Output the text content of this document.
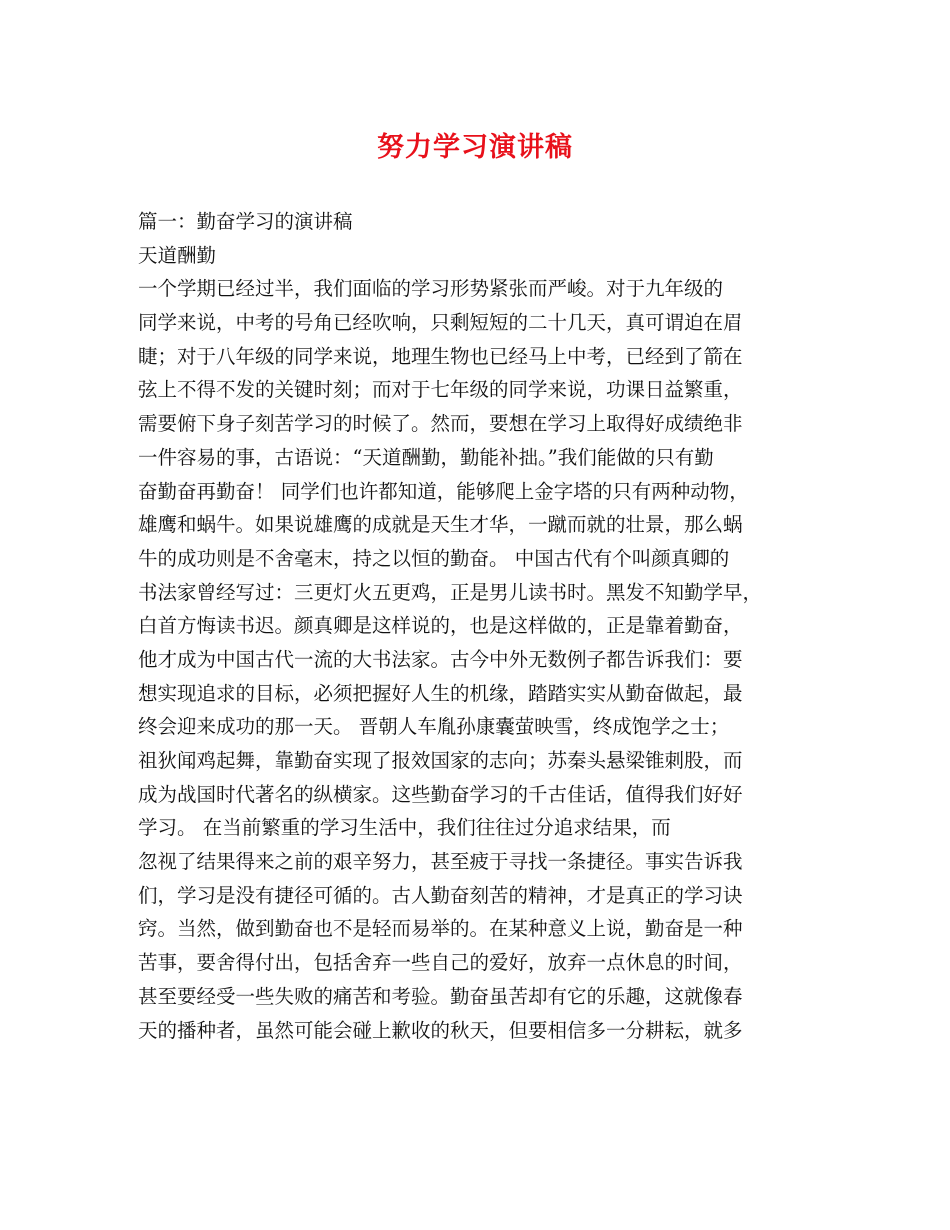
努力学习演讲稿
篇一：勤奋学习的演讲稿
天道酬勤
一个学期已经过半，我们面临的学习形势紧张而严峻。对于九年级的
同学来说，中考的号角已经吹响，只剩短短的二十几天，真可谓迫在眉
睫；对于八年级的同学来说，地理生物也已经马上中考，已经到了箭在
弦上不得不发的关键时刻；而对于七年级的同学来说，功课日益繁重，
需要俯下身子刻苦学习的时候了。然而，要想在学习上取得好成绩绝非
一件容易的事，古语说：“天道酬勤，勤能补拙。”我们能做的只有勤
奋勤奋再勤奋！ 同学们也许都知道，能够爬上金字塔的只有两种动物，
雄鹰和蜗牛。如果说雄鹰的成就是天生才华，一蹴而就的壮景，那么蜗
牛的成功则是不舍毫末，持之以恒的勤奋。 中国古代有个叫颜真卿的
书法家曾经写过：三更灯火五更鸡，正是男儿读书时。黑发不知勤学早，
白首方悔读书迟。颜真卿是这样说的，也是这样做的，正是靠着勤奋，
他才成为中国古代一流的大书法家。古今中外无数例子都告诉我们：要
想实现追求的目标，必须把握好人生的机缘，踏踏实实从勤奋做起，最
终会迎来成功的那一天。 晋朝人车胤孙康囊萤映雪，终成饱学之士；
祖狄闻鸡起舞，靠勤奋实现了报效国家的志向；苏秦头悬梁锥刺股，而
成为战国时代著名的纵横家。这些勤奋学习的千古佳话，值得我们好好
学习。 在当前繁重的学习生活中，我们往往过分追求结果，而
忽视了结果得来之前的艰辛努力，甚至疲于寻找一条捷径。事实告诉我
们，学习是没有捷径可循的。古人勤奋刻苦的精神，才是真正的学习诀
窍。当然，做到勤奋也不是轻而易举的。在某种意义上说，勤奋是一种
苦事，要舍得付出，包括舍弃一些自己的爱好，放弃一点休息的时间，
甚至要经受一些失败的痛苦和考验。勤奋虽苦却有它的乐趣，这就像春
天的播种者，虽然可能会碰上歉收的秋天，但要相信多一分耕耘，就多
